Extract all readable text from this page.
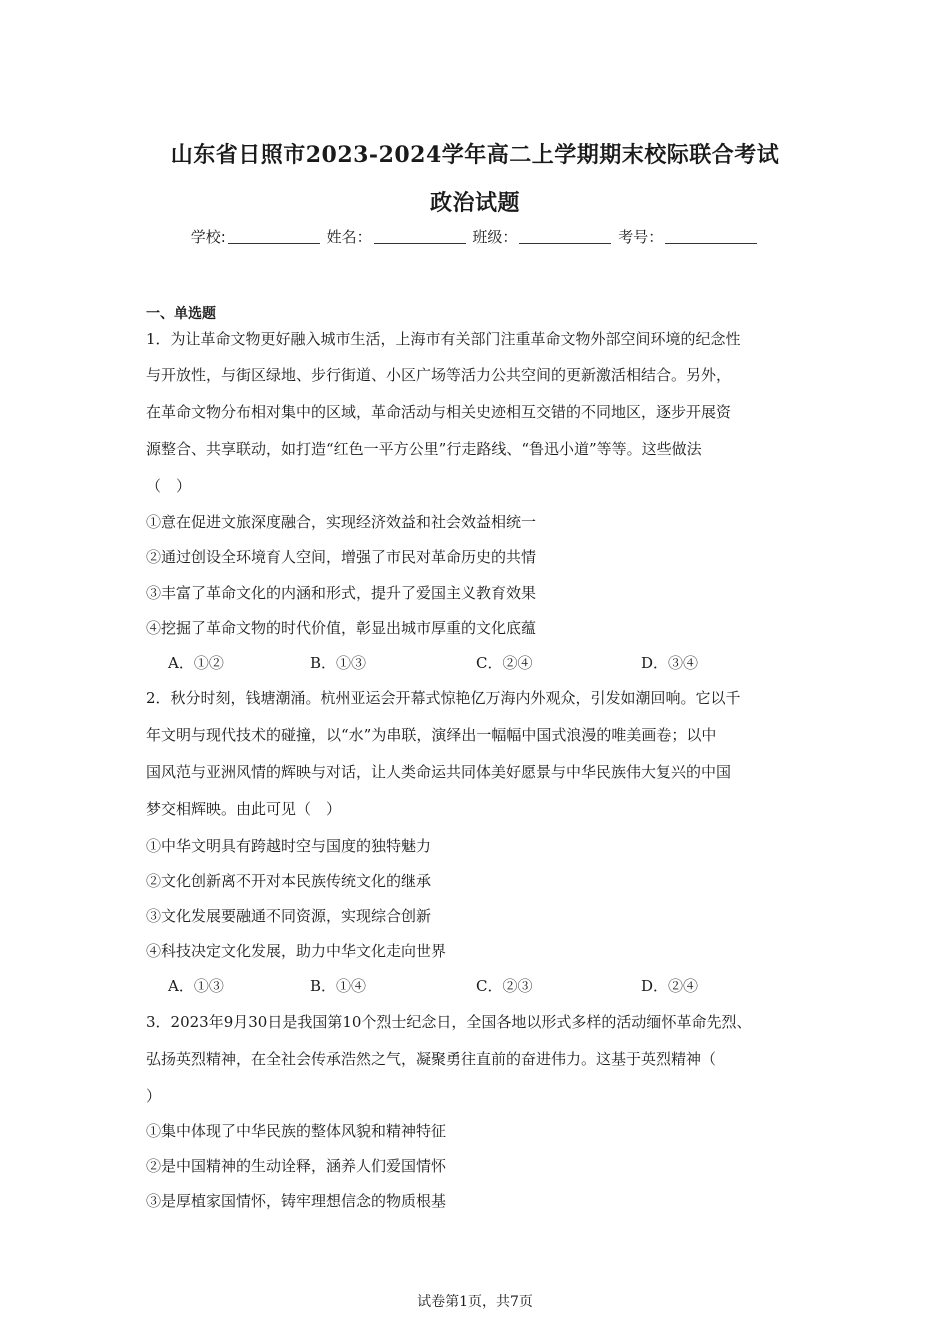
山东省日照市2023-2024学年高二上学期期末校际联合考试
政治试题
学校:	姓名：	班级：	考号：
一、单选题
1．为让革命文物更好融入城市生活，上海市有关部门注重革命文物外部空间环境的纪念性
与开放性，与街区绿地、步行街道、小区广场等活力公共空间的更新激活相结合。另外，
在革命文物分布相对集中的区域，革命活动与相关史迹相互交错的不同地区，逐步开展资
源整合、共享联动，如打造“红色一平方公里”行走路线、“鲁迅小道”等等。这些做法
（　）
①意在促进文旅深度融合，实现经济效益和社会效益相统一
②通过创设全环境育人空间，增强了市民对革命历史的共情
③丰富了革命文化的内涵和形式，提升了爱国主义教育效果
④挖掘了革命文物的时代价值，彰显出城市厚重的文化底蕴
A．①②	B．①③	C．②④	D．③④
2．秋分时刻，钱塘潮涌。杭州亚运会开幕式惊艳亿万海内外观众，引发如潮回响。它以千
年文明与现代技术的碰撞，以“水”为串联，演绎出一幅幅中国式浪漫的唯美画卷；以中
国风范与亚洲风情的辉映与对话，让人类命运共同体美好愿景与中华民族伟大复兴的中国
梦交相辉映。由此可见（　）
①中华文明具有跨越时空与国度的独特魅力
②文化创新离不开对本民族传统文化的继承
③文化发展要融通不同资源，实现综合创新
④科技决定文化发展，助力中华文化走向世界
A．①③	B．①④	C．②③	D．②④
3．2023年9月30日是我国第10个烈士纪念日，全国各地以形式多样的活动缅怀革命先烈、
弘扬英烈精神，在全社会传承浩然之气，凝聚勇往直前的奋进伟力。这基于英烈精神（
）
①集中体现了中华民族的整体风貌和精神特征
②是中国精神的生动诠释，涵养人们爱国情怀
③是厚植家国情怀，铸牢理想信念的物质根基
试卷第1页，共7页
